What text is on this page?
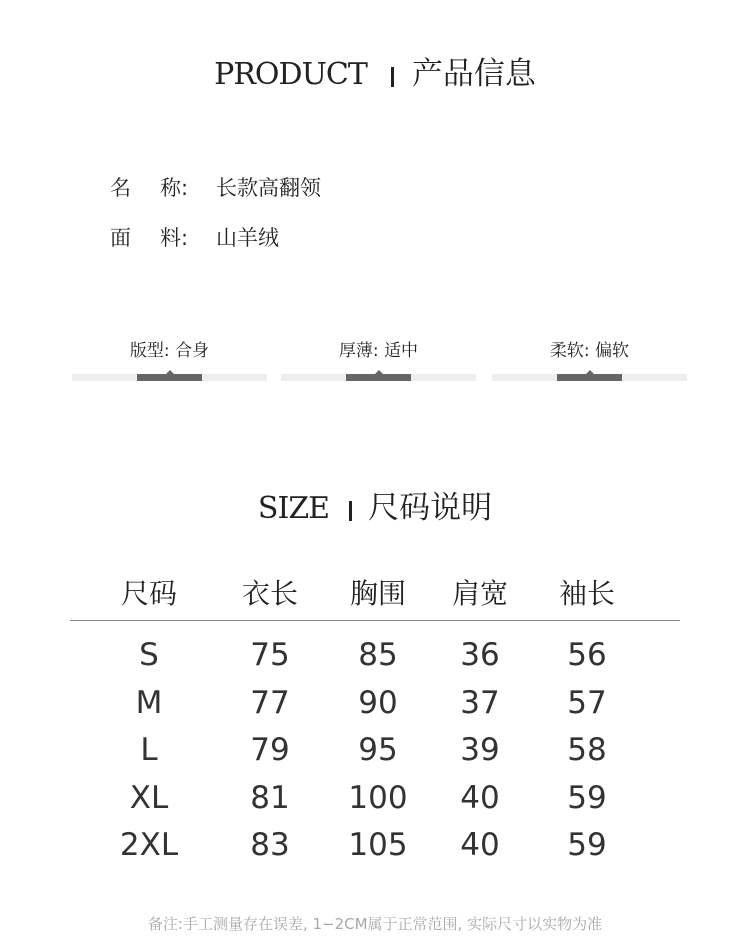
PRODUCT 产品信息
名 称: 长款高翻领
面 料: 山羊绒
版型: 合身	厚薄: 适中	柔软: 偏软
SIZE 尺码说明
尺码	衣长	胸围	肩宽	袖长
S	75	85	36	56
M	77	90	37	57
L	79	95	39	58
XL	81	100	40	59
2XL	83	105	40	59
备注:手工测量存在误差, 1−2CM属于正常范围, 实际尺寸以实物为准
